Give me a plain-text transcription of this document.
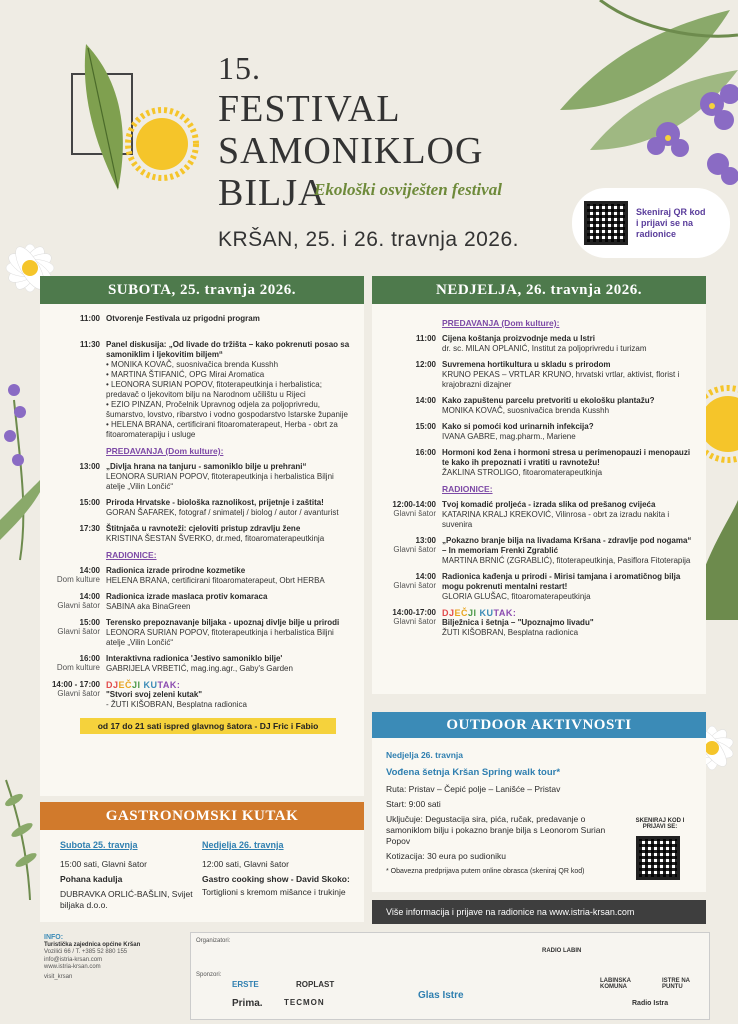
15.
FESTIVAL
SAMONIKLOG
BILJA
Ekološki osviješten festival
KRŠAN, 25. i 26. travnja 2026.
Skeniraj QR kod i prijavi se na radionice
SUBOTA, 25. travnja 2026.
11:00 Otvorenje Festivala uz prigodni program
11:30 Panel diskusija: „Od livade do tržišta – kako pokrenuti posao sa samoniklim i ljekovitim biljem“
• MONIKA KOVAČ, suosnivačica brenda Kusshh
• MARTINA ŠTIFANIĆ, OPG Mirai Aromatica
• LEONORA SURIAN POPOV, fitoterapeutkinja i herbalistica; predavač o ljekovitom bilju na Narodnom učilištu u Rijeci
• EZIO PINZAN, Pročelnik Upravnog odjela za poljoprivredu, šumarstvo, lovstvo, ribarstvo i vodno gospodarstvo Istarske županije
• HELENA BRANA, certificirani fitoaromaterapeut, Herba - obrt za fitoaromaterapiju i usluge
PREDAVANJA (Dom kulture):
13:00 „Divlja hrana na tanjuru - samoniklo bilje u prehrani“
LEONORA SURIAN POPOV, fitoterapeutkinja i herbalistica Biljni atelje „Vilin Lončić“
15:00 Priroda Hrvatske - biološka raznolikost, prijetnje i zaštita!
GORAN ŠAFAREK, fotograf / snimatelj / biolog / autor / avanturist
17:30 Štitnjača u ravnoteži: cjeloviti pristup zdravlju žene
KRISTINA ŠESTAN ŠVERKO, dr.med, fitoaromaterapeutkinja
RADIONICE:
14:00
Dom kulture
Radionica izrade prirodne kozmetike
HELENA BRANA, certificirani fitoaromaterapeut, Obrt HERBA
14:00
Glavni šator
Radionica izrade maslaca protiv komaraca
SABINA aka BinaGreen
15:00
Glavni šator
Terensko prepoznavanje biljaka - upoznaj divlje bilje u prirodi
LEONORA SURIAN POPOV, fitoterapeutkinja i herbalistica Biljni atelje „Vilin Lončić“
16:00
Dom kulture
Interaktivna radionica 'Jestivo samoniklo bilje'
GABRIJELA VRBETIĆ, mag.ing.agr., Gaby's Garden
14:00 - 17:00
Glavni šator
DJEČJI KUTAK:
"Stvori svoj zeleni kutak"
- ŽUTI KIŠOBRAN, Besplatna radionica
NEDJELJA, 26. travnja 2026.
PREDAVANJA (Dom kulture):
11:00 Cijena koštanja proizvodnje meda u Istri
dr. sc. MILAN OPLANIĆ, Institut za poljoprivredu i turizam
12:00 Suvremena hortikultura u skladu s prirodom
KRUNO PEKAS – VRTLAR KRUNO, hrvatski vrtlar, aktivist, florist i krajobrazni dizajner
14:00 Kako zapuštenu parcelu pretvoriti u ekološku plantažu?
MONIKA KOVAČ, suosnivačica brenda Kusshh
15:00 Kako si pomoći kod urinarnih infekcija?
IVANA GABRE, mag.pharm., Mariene
16:00 Hormoni kod žena i hormoni stresa u perimenopauzi i menopauzi te kako ih prepoznati i vratiti u ravnotežu!
ŽAKLINA STROLIGO, fitoaromaterapeutkinja
RADIONICE:
12:00-14:00
Glavni šator
Tvoj komadić proljeća - izrada slika od prešanog cvijeća
KATARINA KRALJ KREKOVIĆ, Vilinrosa - obrt za izradu nakita i suvenira
13:00
Glavni šator
„Pokazno branje bilja na livadama Kršana - zdravlje pod nogama“ – In memoriam Frenki Zgrablić
MARTINA BRNIĆ (ZGRABLIĆ), fitoterapeutkinja, Pasiflora Fitoterapija
14:00
Glavni šator
Radionica kađenja u prirodi - Mirisi tamjana i aromatičnog bilja mogu pokrenuti mentalni restart!
GLORIA GLUŠAC, fitoaromaterapeutkinja
14:00-17:00
Glavni šator
DJEČJI KUTAK:
Bilježnica i šetnja – "Upoznajmo livadu"
ŽUTI KIŠOBRAN, Besplatna radionica
OUTDOOR AKTIVNOSTI
Nedjelja 26. travnja
Vođena šetnja Kršan Spring walk tour*
Ruta: Pristav – Čepić polje – Lanišće – Pristav
Start: 9:00 sati
Uključuje: Degustacija sira, pića, ručak, predavanje o samoniklom bilju i pokazno branje bilja s Leonorom Surian Popov
Kotizacija: 30 eura po sudioniku
* Obavezna predprijava putem online obrasca (skeniraj QR kod)
SKENIRAJ KOD I PRIJAVI SE:
GASTRONOMSKI KUTAK
Subota 25. travnja
15:00 sati, Glavni šator
Pohana kadulja
DUBRAVKA ORLIĆ-BAŠLIN, Svijet biljaka d.o.o.
Nedjelja 26. travnja
12:00 sati, Glavni šator
Gastro cooking show - David Skoko:
Tortiglioni s kremom mišance i trukinje
Više informacija i prijave na radionice na www.istria-krsan.com
INFO:
Turistička zajednica općine Kršan
Vozilići 66 / T. +385 52 880 155
info@istria-krsan.com
www.istria-krsan.com
visit_krsan
Organizatori:
Sponzori:
ERSTE
Prima.
ROPLAST
TECMON
Glas Istre
RADIO LABIN
LABINSKA KOMUNA
ISTRE NA PUNTU
Radio Istra
od 17 do 21 sati ispred glavnog šatora - DJ Fric i Fabio
